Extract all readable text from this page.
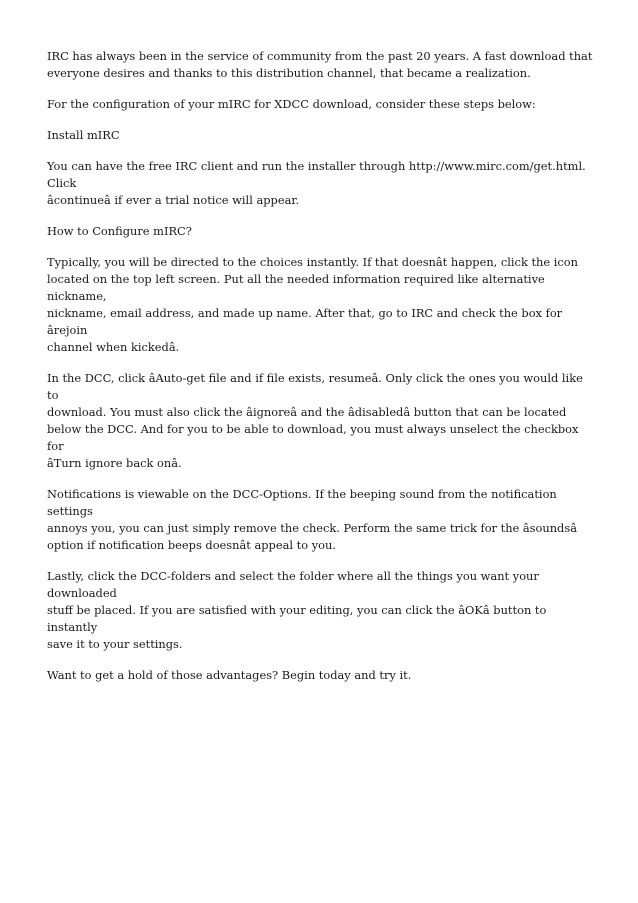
IRC has always been in the service of community from the past 20 years. A fast download that
everyone desires and thanks to this distribution channel, that became a realization.

For the configuration of your mIRC for XDCC download, consider these steps below:

Install mIRC

You can have the free IRC client and run the installer through http://www.mirc.com/get.html. Click
âcontinueâ if ever a trial notice will appear.

How to Configure mIRC?

Typically, you will be directed to the choices instantly. If that doesnât happen, click the icon
located on the top left screen. Put all the needed information required like alternative nickname,
nickname, email address, and made up name. After that, go to IRC and check the box for ârejoin
channel when kickedâ.

In the DCC, click âAuto-get file and if file exists, resumeâ. Only click the ones you would like to
download. You must also click the âignoreâ and the âdisabledâ button that can be located
below the DCC. And for you to be able to download, you must always unselect the checkbox for
âTurn ignore back onâ.

Notifications is viewable on the DCC-Options. If the beeping sound from the notification settings
annoys you, you can just simply remove the check. Perform the same trick for the âsoundsâ
option if notification beeps doesnât appeal to you.

Lastly, click the DCC-folders and select the folder where all the things you want your downloaded
stuff be placed. If you are satisfied with your editing, you can click the âOKâ button to instantly
save it to your settings.

Want to get a hold of those advantages? Begin today and try it.
